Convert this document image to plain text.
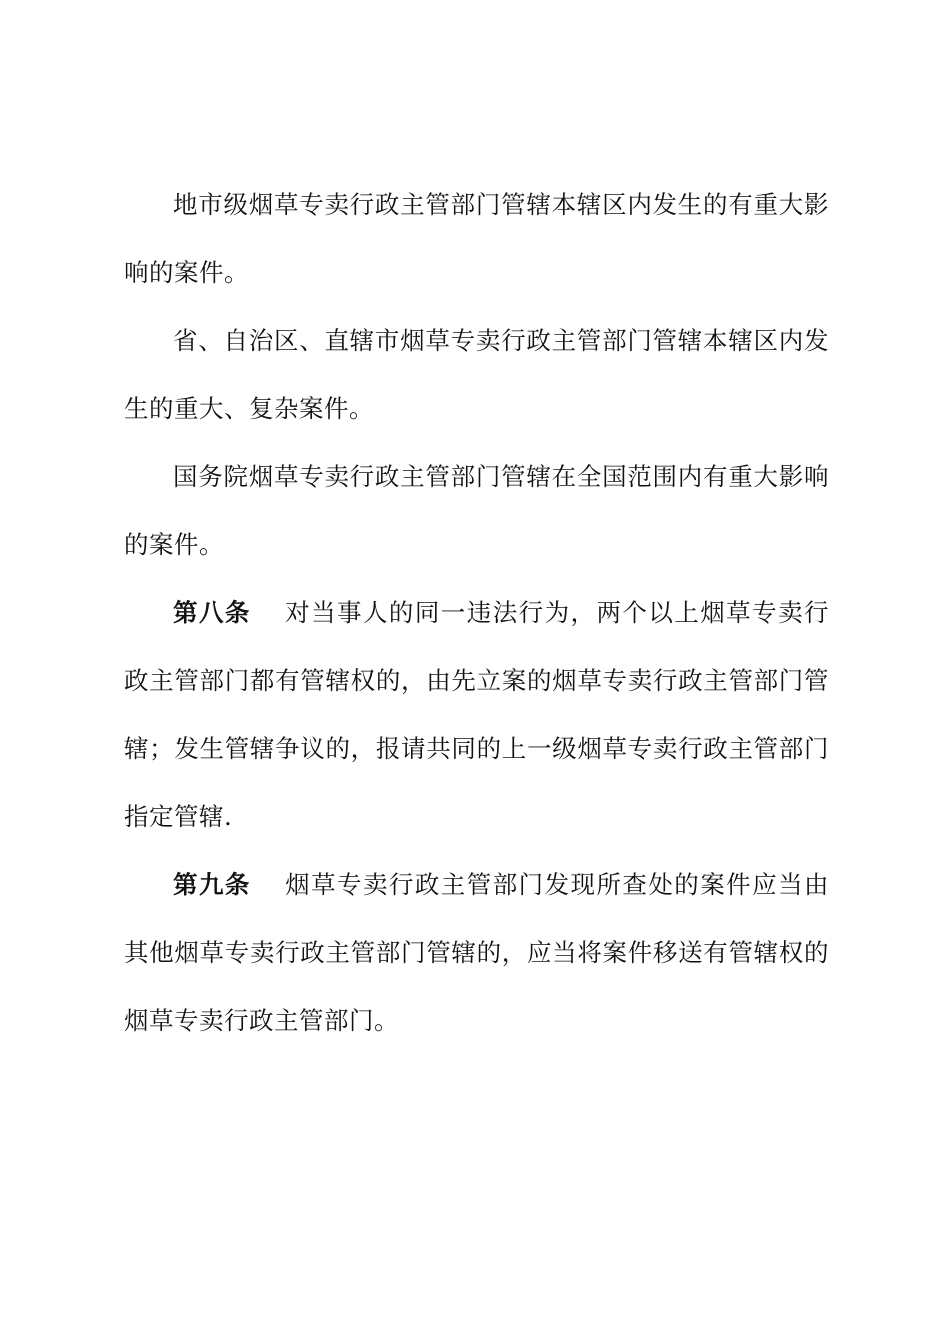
地市级烟草专卖行政主管部门管辖本辖区内发生的有重大影响的案件。

省、自治区、直辖市烟草专卖行政主管部门管辖本辖区内发生的重大、复杂案件。

国务院烟草专卖行政主管部门管辖在全国范围内有重大影响的案件。

第八条 对当事人的同一违法行为，两个以上烟草专卖行政主管部门都有管辖权的，由先立案的烟草专卖行政主管部门管辖；发生管辖争议的，报请共同的上一级烟草专卖行政主管部门指定管辖.

第九条 烟草专卖行政主管部门发现所查处的案件应当由其他烟草专卖行政主管部门管辖的，应当将案件移送有管辖权的烟草专卖行政主管部门。
